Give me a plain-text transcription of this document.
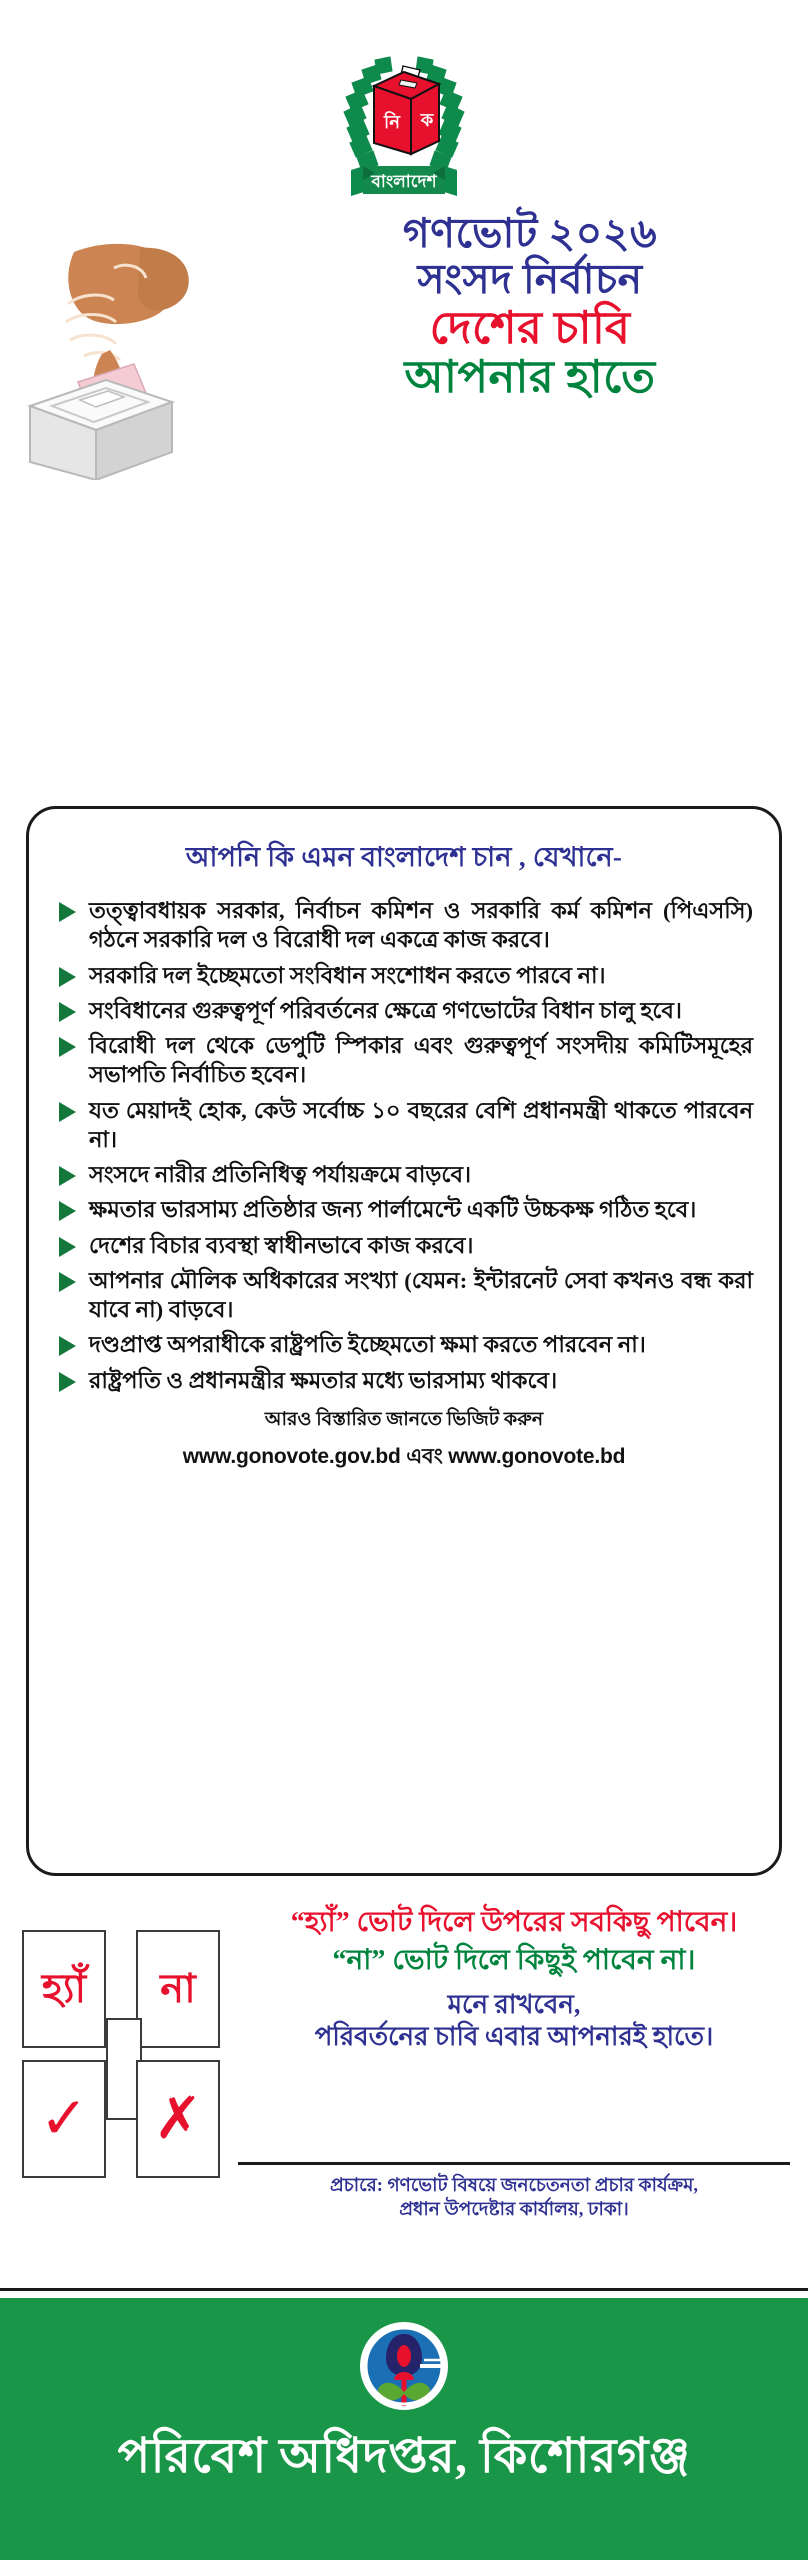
বাংলাদেশ
নি ক
গণভোট ২০২৬
সংসদ নির্বাচন
দেশের চাবি
আপনার হাতে
আপনি কি এমন বাংলাদেশ চান , যেখানে-
তত্ত্বাবধায়ক সরকার, নির্বাচন কমিশন ও সরকারি কর্ম কমিশন (পিএসসি) গঠনে সরকারি দল ও বিরোধী দল একত্রে কাজ করবে।
সরকারি দল ইচ্ছেমতো সংবিধান সংশোধন করতে পারবে না।
সংবিধানের গুরুত্বপূর্ণ পরিবর্তনের ক্ষেত্রে গণভোটের বিধান চালু হবে।
বিরোধী দল থেকে ডেপুটি স্পিকার এবং গুরুত্বপূর্ণ সংসদীয় কমিটিসমূহের সভাপতি নির্বাচিত হবেন।
যত মেয়াদই হোক, কেউ সর্বোচ্চ ১০ বছরের বেশি প্রধানমন্ত্রী থাকতে পারবেন না।
সংসদে নারীর প্রতিনিধিত্ব পর্যায়ক্রমে বাড়বে।
ক্ষমতার ভারসাম্য প্রতিষ্ঠার জন্য পার্লামেন্টে একটি উচ্চকক্ষ গঠিত হবে।
দেশের বিচার ব্যবস্থা স্বাধীনভাবে কাজ করবে।
আপনার মৌলিক অধিকারের সংখ্যা (যেমন: ইন্টারনেট সেবা কখনও বন্ধ করা যাবে না) বাড়বে।
দণ্ডপ্রাপ্ত অপরাধীকে রাষ্ট্রপতি ইচ্ছেমতো ক্ষমা করতে পারবেন না।
রাষ্ট্রপতি ও প্রধানমন্ত্রীর ক্ষমতার মধ্যে ভারসাম্য থাকবে।
আরও বিস্তারিত জানতে ভিজিট করুন
www.gonovote.gov.bd এবং www.gonovote.bd
হ্যাঁ না
✓ ✗
“হ্যাঁ” ভোট দিলে উপরের সবকিছু পাবেন।
“না” ভোট দিলে কিছুই পাবেন না।
মনে রাখবেন,
পরিবর্তনের চাবি এবার আপনারই হাতে।
প্রচারে: গণভোট বিষয়ে জনচেতনতা প্রচার কার্যক্রম,
প্রধান উপদেষ্টার কার্যালয়, ঢাকা।
পরিবেশ অধিদপ্তর, কিশোরগঞ্জ
